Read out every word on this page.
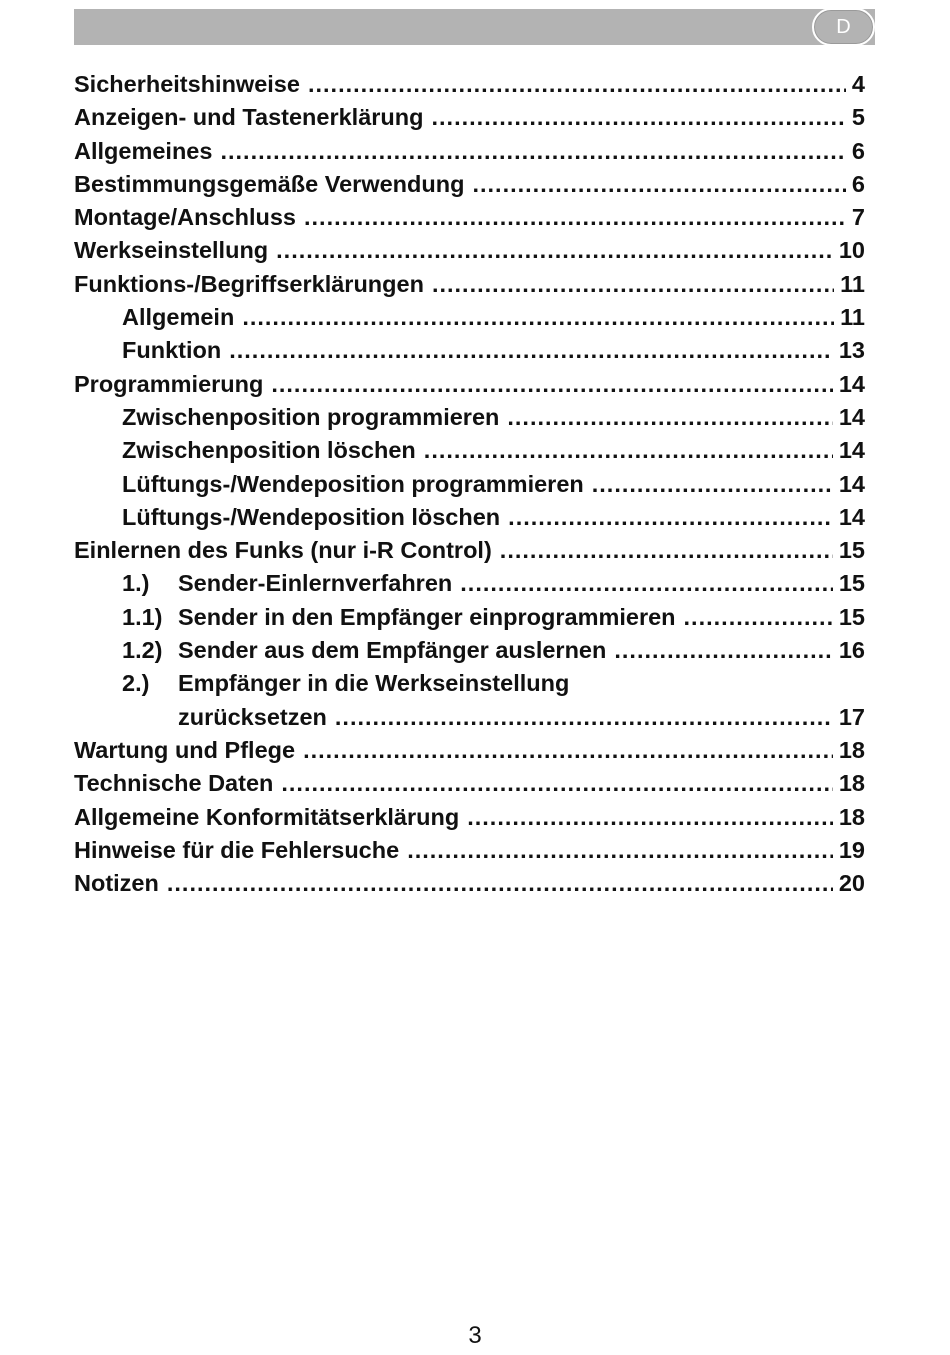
D
Sicherheitshinweise .....	4
Anzeigen- und Tastenerklärung .....	5
Allgemeines .....	6
Bestimmungsgemäße Verwendung .....	6
Montage/Anschluss .....	7
Werkseinstellung .....	10
Funktions-/Begriffserklärungen .....	11
Allgemein .....	11
Funktion .....	13
Programmierung .....	14
Zwischenposition programmieren .....	14
Zwischenposition löschen .....	14
Lüftungs-/Wendeposition programmieren .....	14
Lüftungs-/Wendeposition löschen .....	14
Einlernen des Funks (nur i-R Control) .....	15
1.)	Sender-Einlernverfahren .....	15
1.1) Sender in den Empfänger einprogrammieren .....	15
1.2) Sender aus dem Empfänger auslernen .....	16
2.)	Empfänger in die Werkseinstellung
zurücksetzen .....	17
Wartung und Pflege .....	18
Technische Daten .....	18
Allgemeine Konformitätserklärung .....	18
Hinweise für die Fehlersuche .....	19
Notizen .....	20
3
